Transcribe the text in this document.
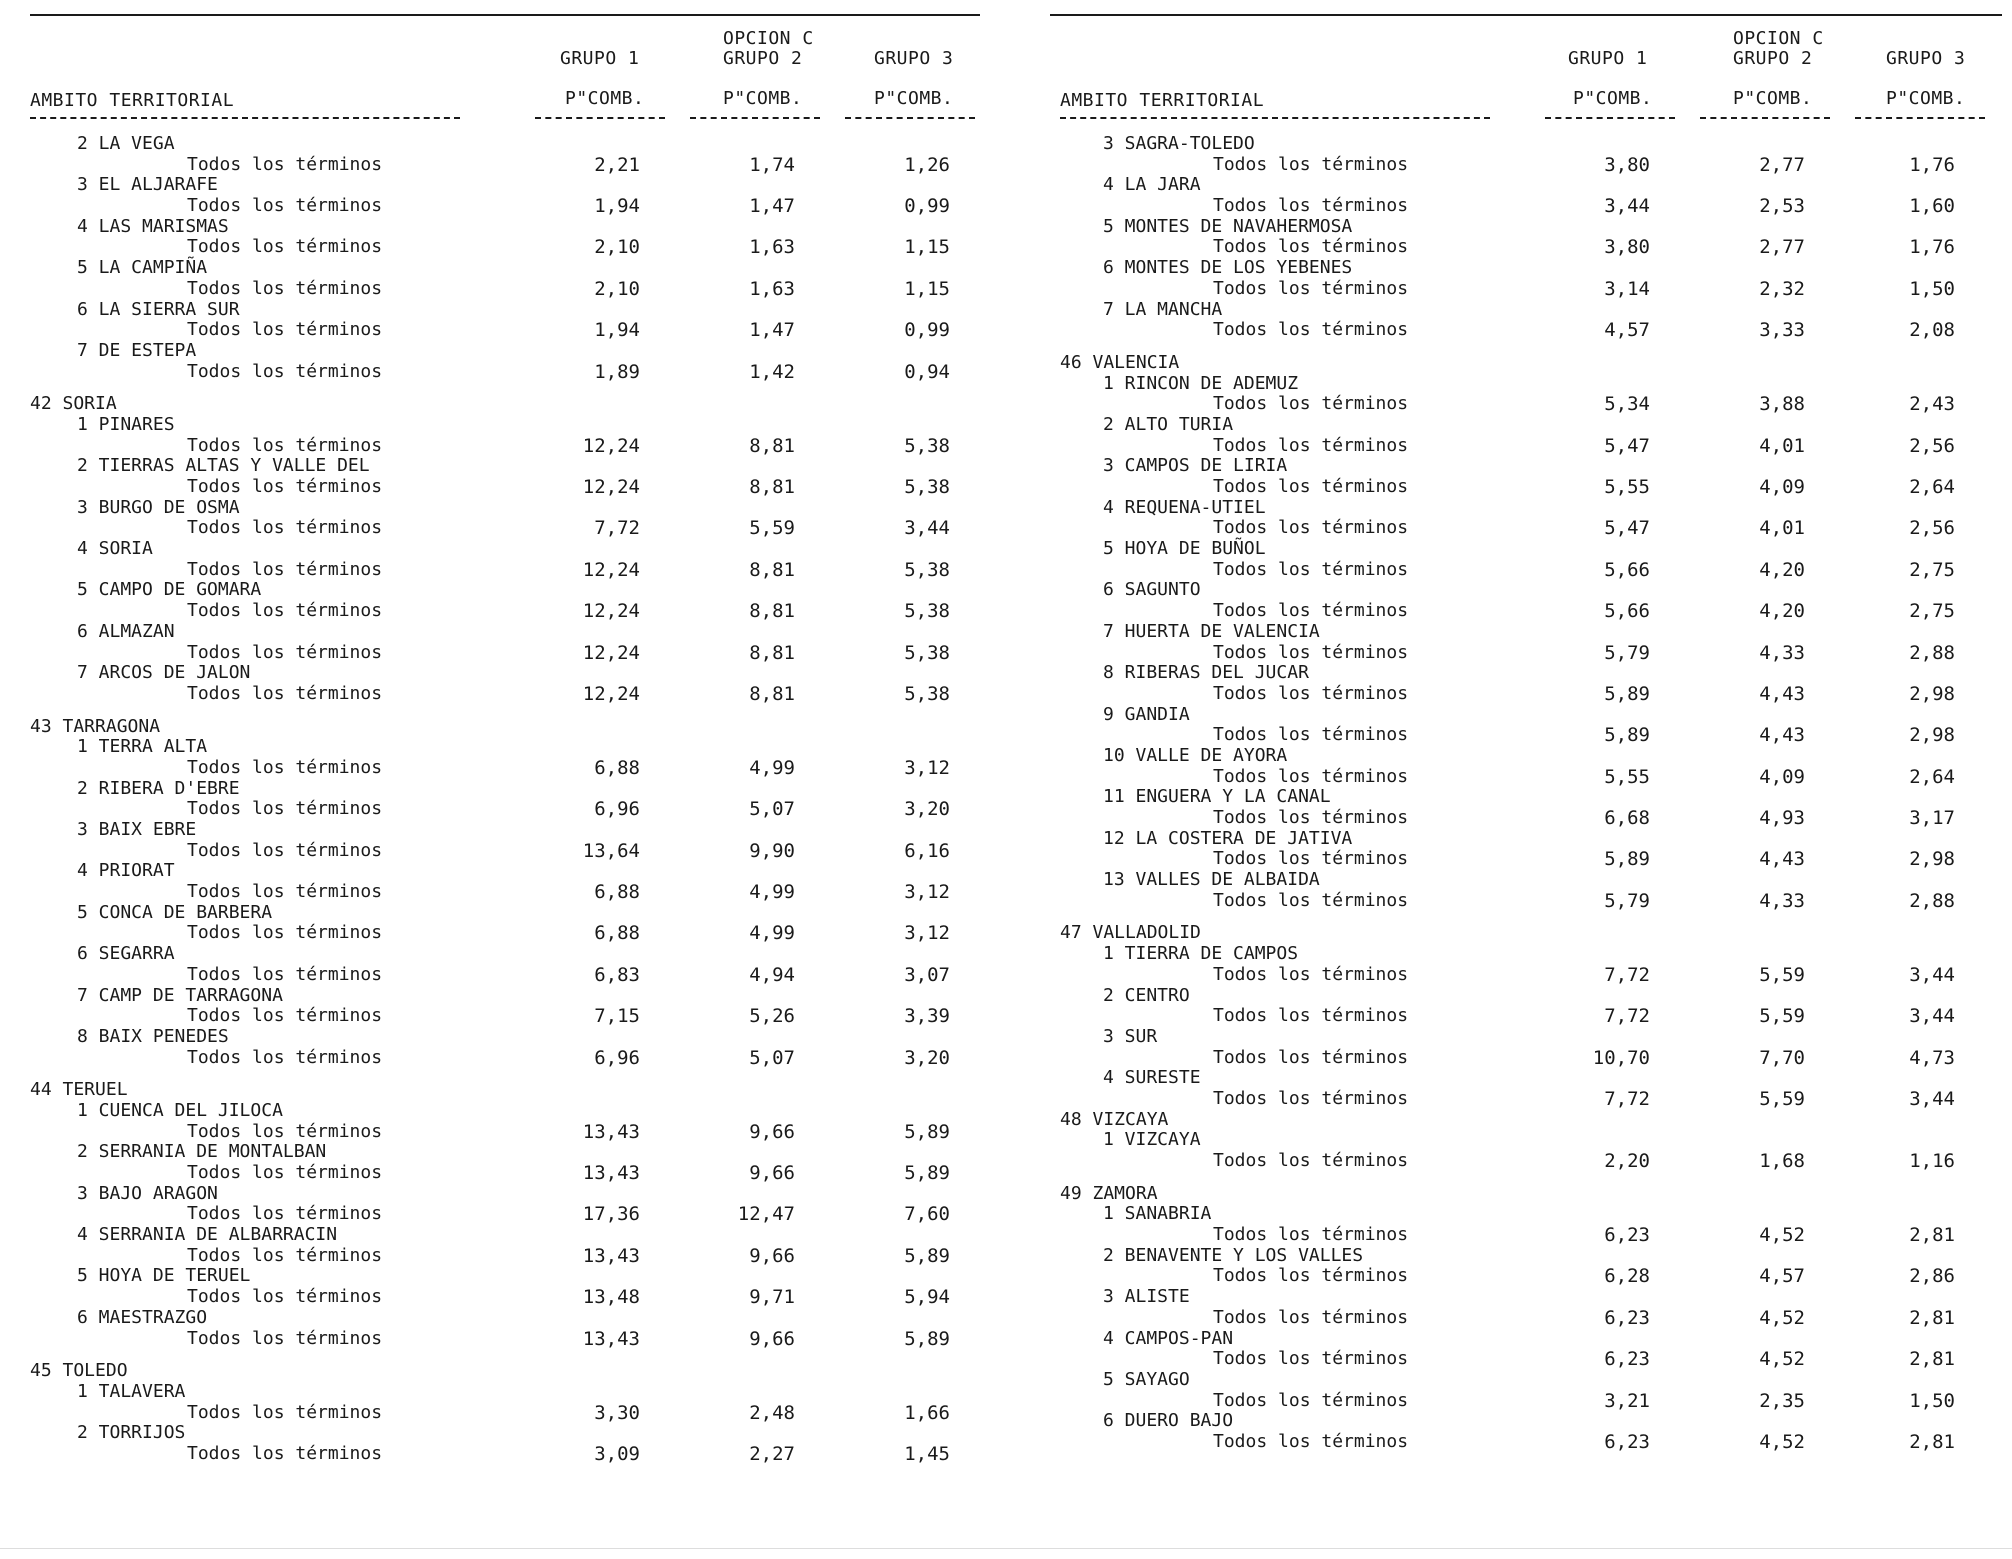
OPCION C
GRUPO 1	GRUPO 2	GRUPO 3
AMBITO TERRITORIAL	P"COMB.	P"COMB.	P"COMB.
2 LA VEGA
Todos los términos	2,21	1,74	1,26
3 EL ALJARAFE
Todos los términos	1,94	1,47	0,99
4 LAS MARISMAS
Todos los términos	2,10	1,63	1,15
5 LA CAMPIÑA
Todos los términos	2,10	1,63	1,15
6 LA SIERRA SUR
Todos los términos	1,94	1,47	0,99
7 DE ESTEPA
Todos los términos	1,89	1,42	0,94
42 SORIA
1 PINARES
Todos los términos	12,24	8,81	5,38
2 TIERRAS ALTAS Y VALLE DEL
Todos los términos	12,24	8,81	5,38
3 BURGO DE OSMA
Todos los términos	7,72	5,59	3,44
4 SORIA
Todos los términos	12,24	8,81	5,38
5 CAMPO DE GOMARA
Todos los términos	12,24	8,81	5,38
6 ALMAZAN
Todos los términos	12,24	8,81	5,38
7 ARCOS DE JALON
Todos los términos	12,24	8,81	5,38
43 TARRAGONA
1 TERRA ALTA
Todos los términos	6,88	4,99	3,12
2 RIBERA D'EBRE
Todos los términos	6,96	5,07	3,20
3 BAIX EBRE
Todos los términos	13,64	9,90	6,16
4 PRIORAT
Todos los términos	6,88	4,99	3,12
5 CONCA DE BARBERA
Todos los términos	6,88	4,99	3,12
6 SEGARRA
Todos los términos	6,83	4,94	3,07
7 CAMP DE TARRAGONA
Todos los términos	7,15	5,26	3,39
8 BAIX PENEDES
Todos los términos	6,96	5,07	3,20
44 TERUEL
1 CUENCA DEL JILOCA
Todos los términos	13,43	9,66	5,89
2 SERRANIA DE MONTALBAN
Todos los términos	13,43	9,66	5,89
3 BAJO ARAGON
Todos los términos	17,36	12,47	7,60
4 SERRANIA DE ALBARRACIN
Todos los términos	13,43	9,66	5,89
5 HOYA DE TERUEL
Todos los términos	13,48	9,71	5,94
6 MAESTRAZGO
Todos los términos	13,43	9,66	5,89
45 TOLEDO
1 TALAVERA
Todos los términos	3,30	2,48	1,66
2 TORRIJOS
Todos los términos	3,09	2,27	1,45
OPCION C
GRUPO 1	GRUPO 2	GRUPO 3
AMBITO TERRITORIAL	P"COMB.	P"COMB.	P"COMB.
3 SAGRA-TOLEDO
Todos los términos	3,80	2,77	1,76
4 LA JARA
Todos los términos	3,44	2,53	1,60
5 MONTES DE NAVAHERMOSA
Todos los términos	3,80	2,77	1,76
6 MONTES DE LOS YEBENES
Todos los términos	3,14	2,32	1,50
7 LA MANCHA
Todos los términos	4,57	3,33	2,08
46 VALENCIA
1 RINCON DE ADEMUZ
Todos los términos	5,34	3,88	2,43
2 ALTO TURIA
Todos los términos	5,47	4,01	2,56
3 CAMPOS DE LIRIA
Todos los términos	5,55	4,09	2,64
4 REQUENA-UTIEL
Todos los términos	5,47	4,01	2,56
5 HOYA DE BUÑOL
Todos los términos	5,66	4,20	2,75
6 SAGUNTO
Todos los términos	5,66	4,20	2,75
7 HUERTA DE VALENCIA
Todos los términos	5,79	4,33	2,88
8 RIBERAS DEL JUCAR
Todos los términos	5,89	4,43	2,98
9 GANDIA
Todos los términos	5,89	4,43	2,98
10 VALLE DE AYORA
Todos los términos	5,55	4,09	2,64
11 ENGUERA Y LA CANAL
Todos los términos	6,68	4,93	3,17
12 LA COSTERA DE JATIVA
Todos los términos	5,89	4,43	2,98
13 VALLES DE ALBAIDA
Todos los términos	5,79	4,33	2,88
47 VALLADOLID
1 TIERRA DE CAMPOS
Todos los términos	7,72	5,59	3,44
2 CENTRO
Todos los términos	7,72	5,59	3,44
3 SUR
Todos los términos	10,70	7,70	4,73
4 SURESTE
Todos los términos	7,72	5,59	3,44
48 VIZCAYA
1 VIZCAYA
Todos los términos	2,20	1,68	1,16
49 ZAMORA
1 SANABRIA
Todos los términos	6,23	4,52	2,81
2 BENAVENTE Y LOS VALLES
Todos los términos	6,28	4,57	2,86
3 ALISTE
Todos los términos	6,23	4,52	2,81
4 CAMPOS-PAN
Todos los términos	6,23	4,52	2,81
5 SAYAGO
Todos los términos	3,21	2,35	1,50
6 DUERO BAJO
Todos los términos	6,23	4,52	2,81
